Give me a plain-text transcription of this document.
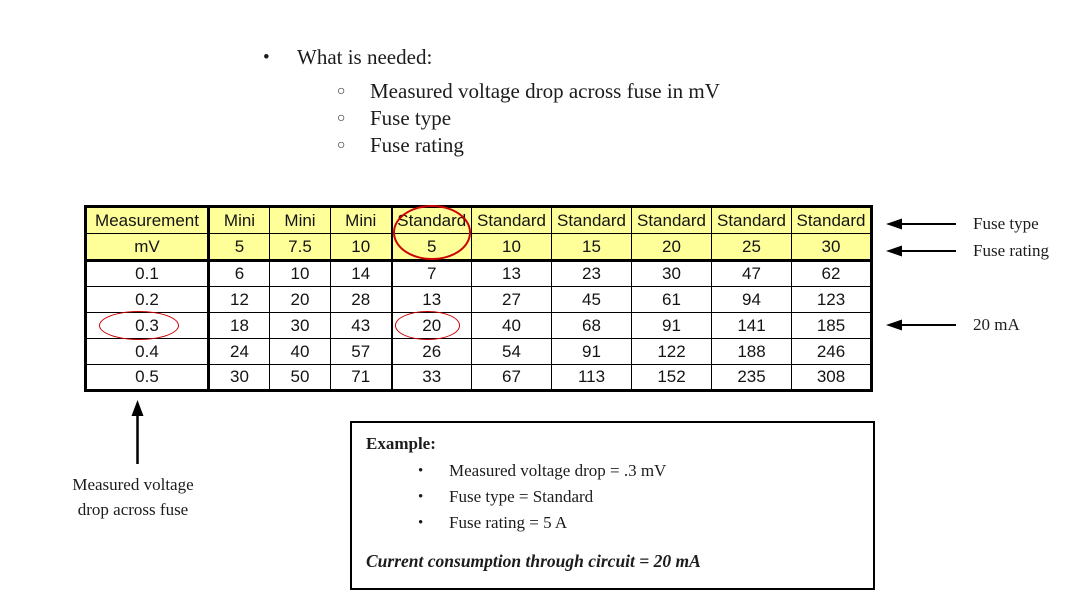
•	What is needed:
○	Measured voltage drop across fuse in mV
○	Fuse type
○	Fuse rating
Measurement	Mini	Mini	Mini	Standard	Standard	Standard	Standard	Standard	Standard
mV	5	7.5	10	5	10	15	20	25	30
0.1	6	10	14	7	13	23	30	47	62
0.2	12	20	28	13	27	45	61	94	123
0.3	18	30	43	20	40	68	91	141	185
0.4	24	40	57	26	54	91	122	188	246
0.5	30	50	71	33	67	113	152	235	308
Fuse type
Fuse rating
20 mA
Measured voltage
drop across fuse
Example:
•	Measured voltage drop = .3 mV
•	Fuse type = Standard
•	Fuse rating = 5 A
Current consumption through circuit = 20 mA
